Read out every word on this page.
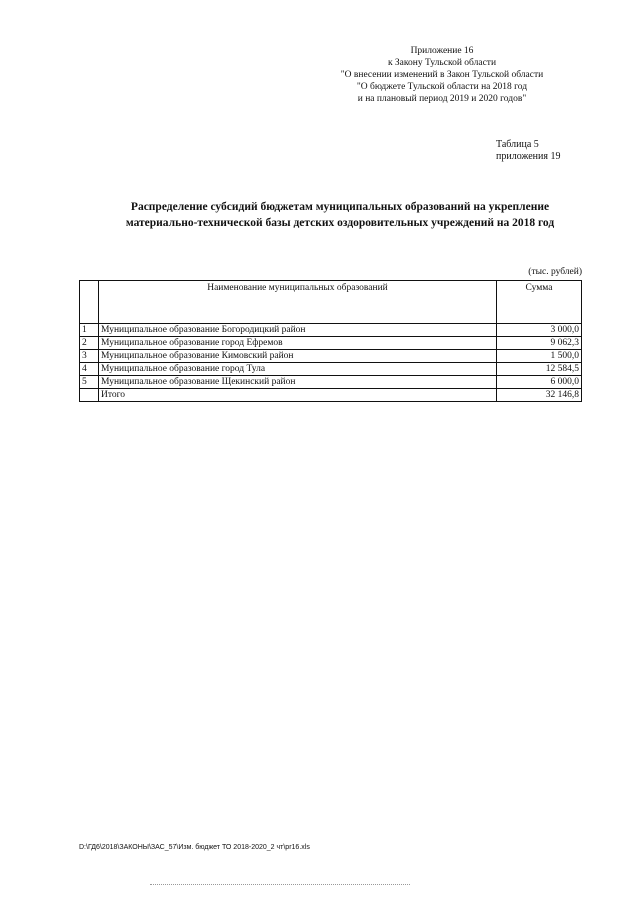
Приложение 16
к Закону Тульской области
"О внесении изменений в Закон Тульской области
"О бюджете Тульской области на 2018 год
и на плановый период 2019 и 2020 годов"
Таблица 5
приложения 19
Распределение субсидий бюджетам муниципальных образований на укрепление
материально-технической базы детских оздоровительных учреждений на 2018 год
(тыс. рублей)
	Наименование муниципальных образований	Сумма
1	Муниципальное образование Богородицкий район	3 000,0
2	Муниципальное образование город Ефремов	9 062,3
3	Муниципальное образование Кимовский район	1 500,0
4	Муниципальное образование город Тула	12 584,5
5	Муниципальное образование Щекинский район	6 000,0
	Итого	32 146,8
D:\ГД6\2018\ЗАКОНЫ\ЗАС_57\Изм. бюджет ТО 2018-2020_2 чт\pr16.xls
